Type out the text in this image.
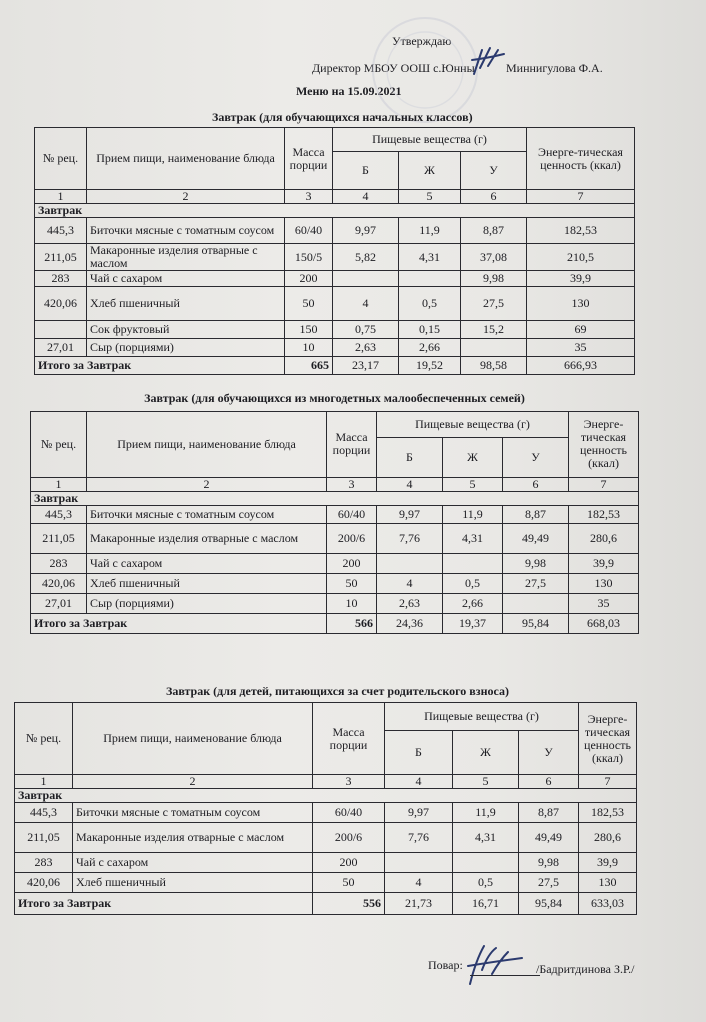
Утверждаю
Директор МБОУ ООШ с.Юнны	Миннигулова Ф.А.
Меню на 15.09.2021
Завтрак (для обучающихся начальных классов)
№ рец.	Прием пищи, наименование блюда	Масса порции	Пищевые вещества (г)			Энерге-тическая ценность (ккал)
			Б	Ж	У	
1	2	3	4	5	6	7
Завтрак						
445,3	Биточки мясные с томатным соусом	60/40	9,97	11,9	8,87	182,53
211,05	Макаронные изделия отварные с маслом	150/5	5,82	4,31	37,08	210,5
283	Чай с сахаром	200			9,98	39,9
420,06	Хлеб пшеничный	50	4	0,5	27,5	130
	Сок фруктовый	150	0,75	0,15	15,2	69
27,01	Сыр (порциями)	10	2,63	2,66		35
Итого за Завтрак		665	23,17	19,52	98,58	666,93
Завтрак (для обучающихся из многодетных малообеспеченных семей)						
№ рец.	Прием пищи, наименование блюда	Масса порции	Пищевые вещества (г)			Энерге-тическая ценность (ккал)
			Б	Ж	У	
1	2	3	4	5	6	7
Завтрак						
445,3	Биточки мясные с томатным соусом	60/40	9,97	11,9	8,87	182,53
211,05	Макаронные изделия отварные с маслом	200/6	7,76	4,31	49,49	280,6
283	Чай с сахаром	200			9,98	39,9
420,06	Хлеб пшеничный	50	4	0,5	27,5	130
27,01	Сыр (порциями)	10	2,63	2,66		35
Итого за Завтрак		566	24,36	19,37	95,84	668,03
Завтрак (для детей, питающихся за счет родительского взноса)
№ рец.	Прием пищи, наименование блюда	Масса порции	Пищевые вещества (г)			Энерге-тическая ценность (ккал)
			Б	Ж	У	
1	2	3	4	5	6	7
Завтрак						
445,3	Биточки мясные с томатным соусом	60/40	9,97	11,9	8,87	182,53
211,05	Макаронные изделия отварные с маслом	200/6	7,76	4,31	49,49	280,6
283	Чай с сахаром	200			9,98	39,9
420,06	Хлеб пшеничный	50	4	0,5	27,5	130
Итого за Завтрак		556	21,73	16,71	95,84	633,03
Повар:	/Бадритдинова З.Р./
